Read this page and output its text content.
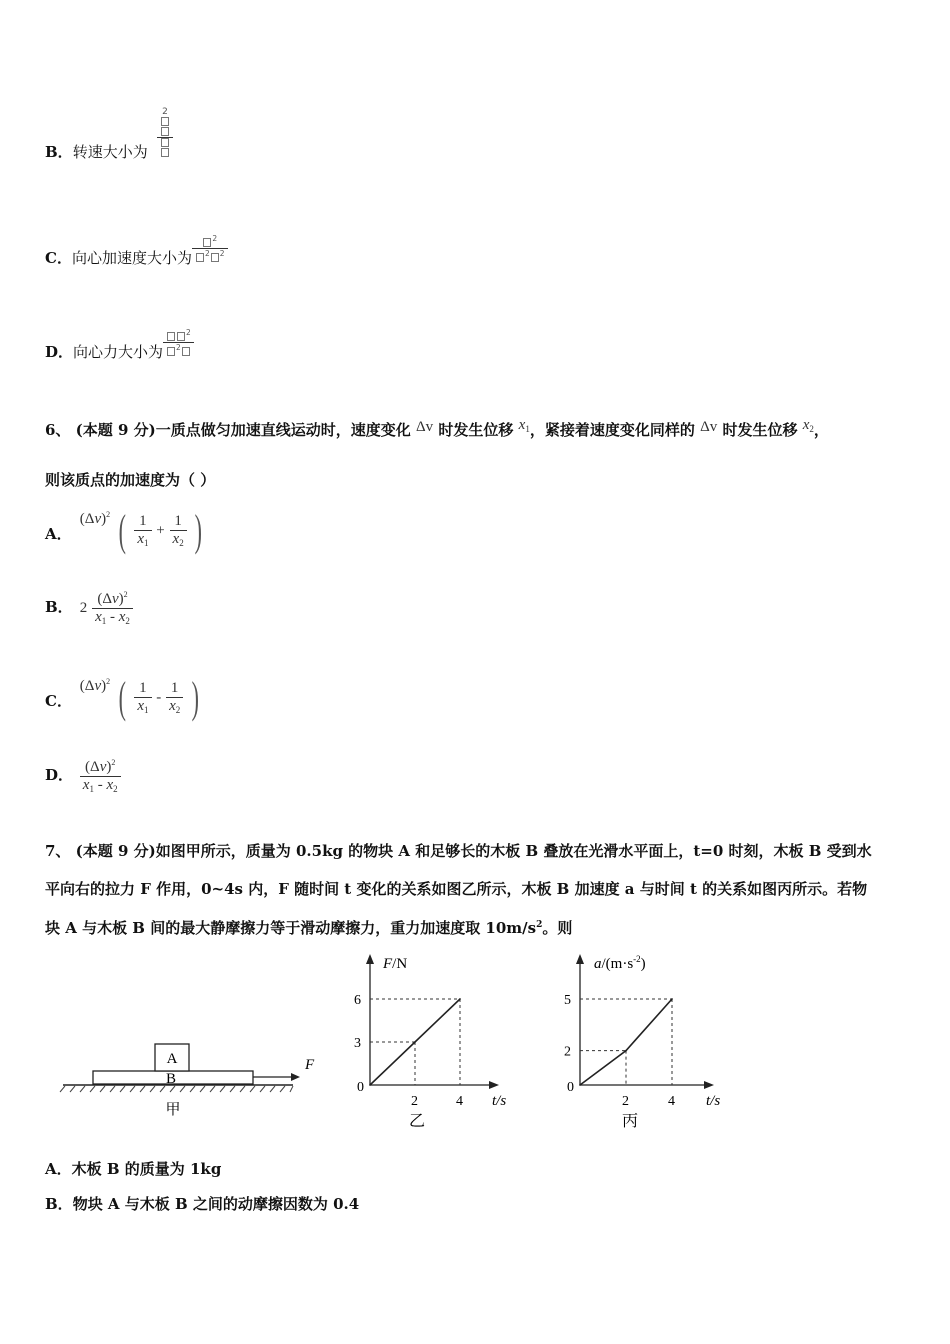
2
B．转速大小为
C．向心加速度大小为 $\frac{^2}{^2 ^2}$
D．向心力大小为 $\frac{^2}{^2}$
6、 (本题 9 分)一质点做匀加速直线运动时，速度变化 Δv 时发生位移 $x_1$，紧接着速度变化同样的 Δv 时发生位移 $x_2$，
则该质点的加速度为（ ）
A． $(\Delta v)^2$ ( $\frac{1}{x_1} + \frac{1}{x_2}$ )
B． $2 \frac{(\Delta v)^2}{x_1 - x_2}$
C． $(\Delta v)^2$ ( $\frac{1}{x_1} - \frac{1}{x_2}$ )
D． $\frac{(\Delta v)^2}{x_1 - x_2}$
7、 (本题 9 分)如图甲所示，质量为 0.5kg 的物块 A 和足够长的木板 B 叠放在光滑水平面上，t=0 时刻，木板 B 受到水
平向右的拉力 F 作用，0~4s 内，F 随时间 t 变化的关系如图乙所示，木板 B 加速度 a 与时间 t 的关系如图丙所示。若物
块 A 与木板 B 间的最大静摩擦力等于滑动摩擦力，重力加速度取 $10m/s^2$。则
A
B
F
甲
F/N
t/s
0
乙
3
2
6
4
$a/(m\cdot s^{-2})$
t/s
0
丙
2
2
5
4
A．木板 B 的质量为 1kg
B．物块 A 与木板 B 之间的动摩擦因数为 0.4
